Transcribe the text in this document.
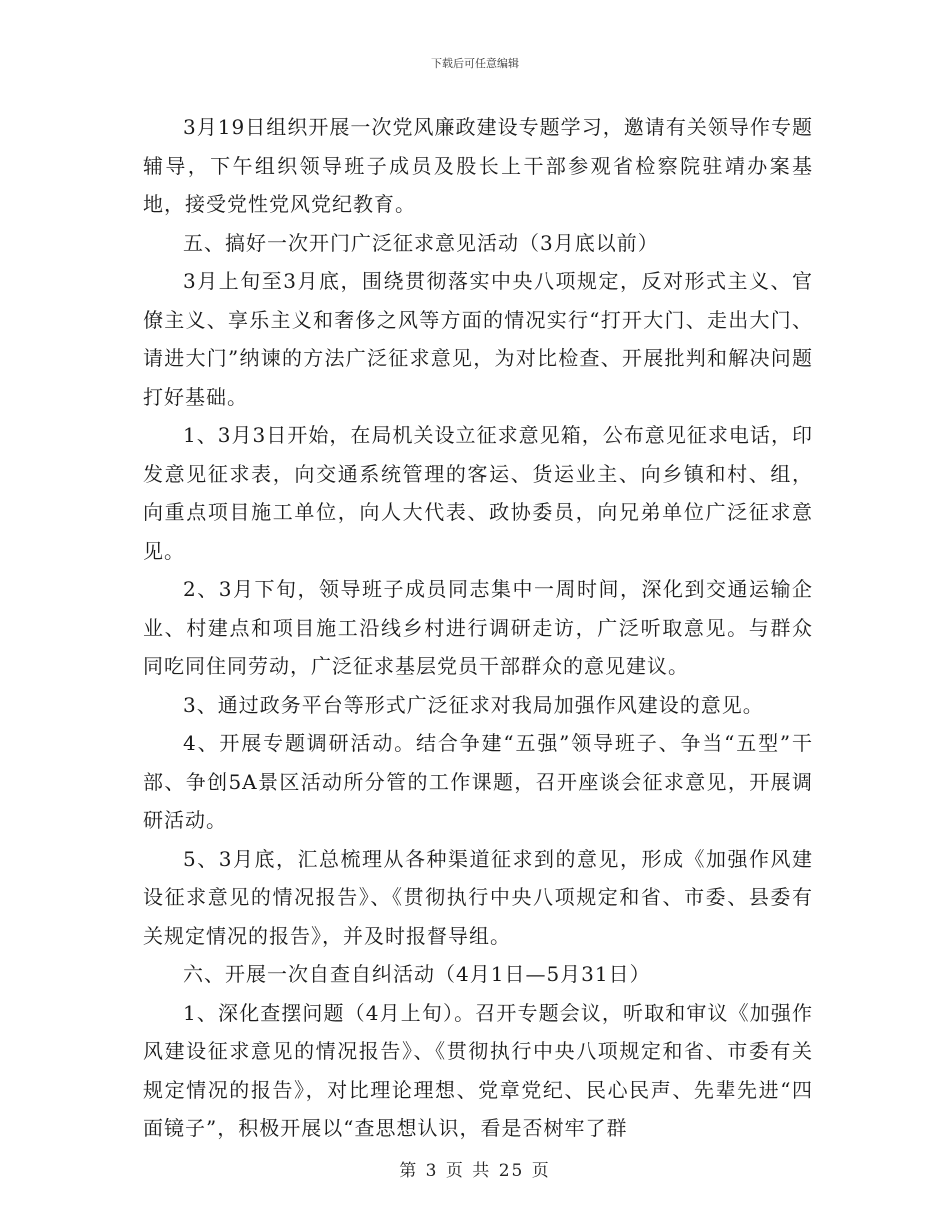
下载后可任意编辑

3月19日组织开展一次党风廉政建设专题学习，邀请有关领导作专题辅导，下午组织领导班子成员及股长上干部参观省检察院驻靖办案基地，接受党性党风党纪教育。

五、搞好一次开门广泛征求意见活动（3月底以前）

3月上旬至3月底，围绕贯彻落实中央八项规定，反对形式主义、官僚主义、享乐主义和奢侈之风等方面的情况实行“打开大门、走出大门、请进大门”纳谏的方法广泛征求意见，为对比检查、开展批判和解决问题打好基础。

1、3月3日开始，在局机关设立征求意见箱，公布意见征求电话，印发意见征求表，向交通系统管理的客运、货运业主、向乡镇和村、组，向重点项目施工单位，向人大代表、政协委员，向兄弟单位广泛征求意见。

2、3月下旬，领导班子成员同志集中一周时间，深化到交通运输企业、村建点和项目施工沿线乡村进行调研走访，广泛听取意见。与群众同吃同住同劳动，广泛征求基层党员干部群众的意见建议。

3、通过政务平台等形式广泛征求对我局加强作风建设的意见。

4、开展专题调研活动。结合争建“五强”领导班子、争当“五型”干部、争创5A景区活动所分管的工作课题，召开座谈会征求意见，开展调研活动。

5、3月底，汇总梳理从各种渠道征求到的意见，形成《加强作风建设征求意见的情况报告》、《贯彻执行中央八项规定和省、市委、县委有关规定情况的报告》，并及时报督导组。

六、开展一次自查自纠活动（4月1日—5月31日）

1、深化查摆问题（4月上旬）。召开专题会议，听取和审议《加强作风建设征求意见的情况报告》、《贯彻执行中央八项规定和省、市委有关规定情况的报告》，对比理论理想、党章党纪、民心民声、先辈先进“四面镜子”，积极开展以“查思想认识，看是否树牢了群

第 3 页 共 25 页
